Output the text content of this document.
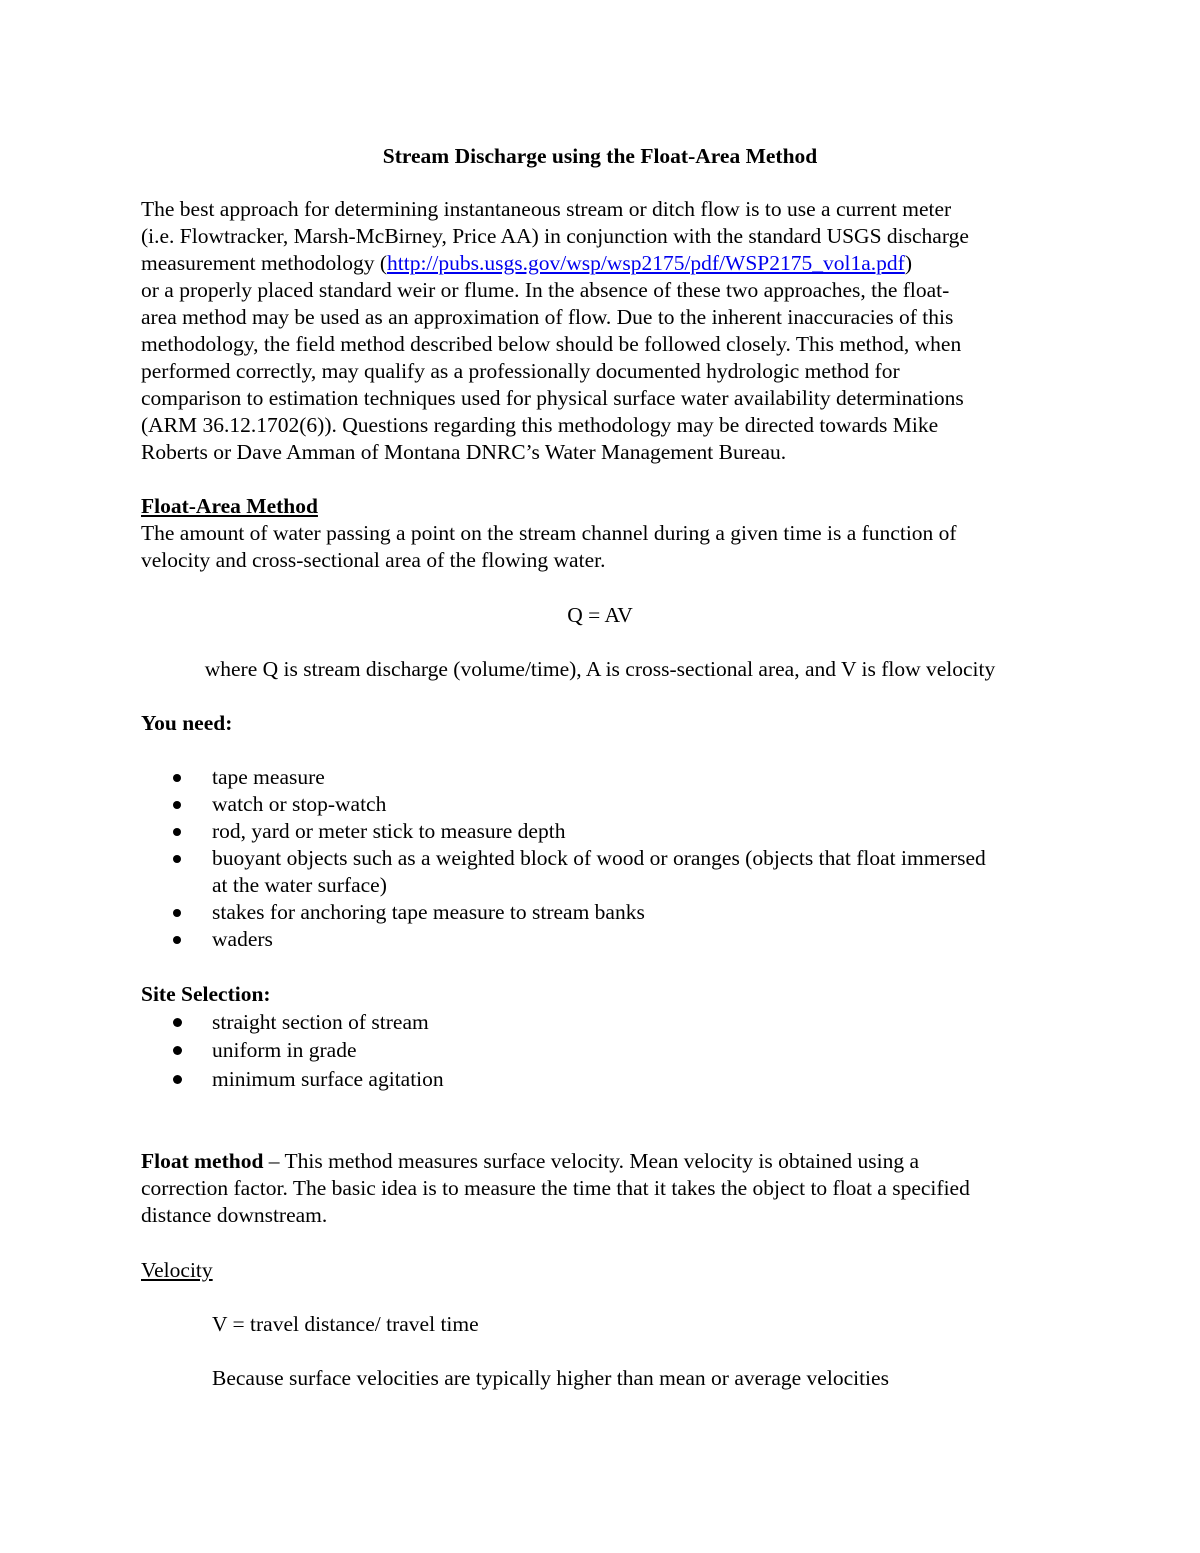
Stream Discharge using the Float-Area Method
The best approach for determining instantaneous stream or ditch flow is to use a current meter
(i.e. Flowtracker, Marsh-McBirney, Price AA) in conjunction with the standard USGS discharge
measurement methodology (http://pubs.usgs.gov/wsp/wsp2175/pdf/WSP2175_vol1a.pdf)
or a properly placed standard weir or flume. In the absence of these two approaches, the float-
area method may be used as an approximation of flow. Due to the inherent inaccuracies of this
methodology, the field method described below should be followed closely. This method, when
performed correctly, may qualify as a professionally documented hydrologic method for
comparison to estimation techniques used for physical surface water availability determinations
(ARM 36.12.1702(6)). Questions regarding this methodology may be directed towards Mike
Roberts or Dave Amman of Montana DNRC’s Water Management Bureau.
Float-Area Method
The amount of water passing a point on the stream channel during a given time is a function of
velocity and cross-sectional area of the flowing water.
Q = AV
where Q is stream discharge (volume/time), A is cross-sectional area, and V is flow velocity
You need:
tape measure
watch or stop-watch
rod, yard or meter stick to measure depth
buoyant objects such as a weighted block of wood or oranges (objects that float immersed
at the water surface)
stakes for anchoring tape measure to stream banks
waders
Site Selection:
straight section of stream
uniform in grade
minimum surface agitation
Float method – This method measures surface velocity. Mean velocity is obtained using a
correction factor. The basic idea is to measure the time that it takes the object to float a specified
distance downstream.
Velocity
V = travel distance/ travel time
Because surface velocities are typically higher than mean or average velocities
